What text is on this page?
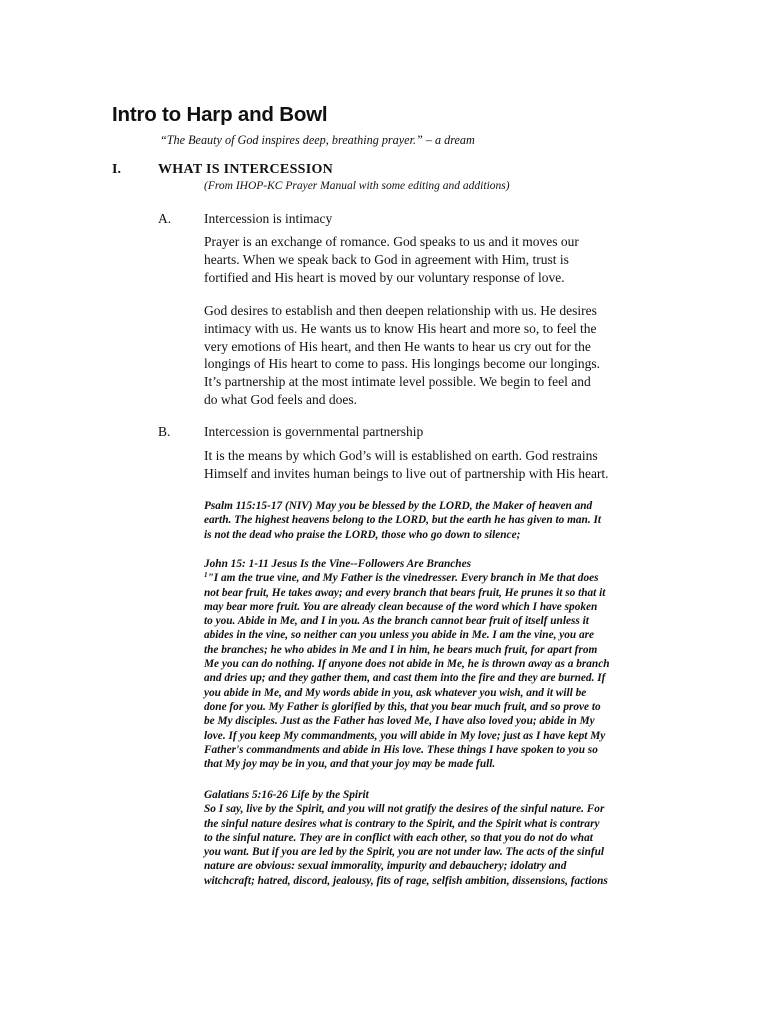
Intro to Harp and Bowl

“The Beauty of God inspires deep, breathing prayer.” – a dream

I.	WHAT IS INTERCESSION

(From IHOP-KC Prayer Manual with some editing and additions)

A. Intercession is intimacy

Prayer is an exchange of romance. God speaks to us and it moves our
hearts. When we speak back to God in agreement with Him, trust is
fortified and His heart is moved by our voluntary response of love.
God desires to establish and then deepen relationship with us. He desires
intimacy with us. He wants us to know His heart and more so, to feel the
very emotions of His heart, and then He wants to hear us cry out for the
longings of His heart to come to pass. His longings become our longings.
It’s partnership at the most intimate level possible. We begin to feel and
do what God feels and does.

B. Intercession is governmental partnership

It is the means by which God’s will is established on earth. God restrains
Himself and invites human beings to live out of partnership with His heart.
Psalm 115:15-17 (NIV) May you be blessed by the LORD, the Maker of heaven and
earth. The highest heavens belong to the LORD, but the earth he has given to man. It
is not the dead who praise the LORD, those who go down to silence;
John 15: 1-11 Jesus Is the Vine--Followers Are Branches
$^1$"I am the true vine, and My Father is the vinedresser. Every branch in Me that does
not bear fruit, He takes away; and every branch that bears fruit, He prunes it so that it
may bear more fruit. You are already clean because of the word which I have spoken
to you. Abide in Me, and I in you. As the branch cannot bear fruit of itself unless it
abides in the vine, so neither can you unless you abide in Me. I am the vine, you are
the branches; he who abides in Me and I in him, he bears much fruit, for apart from
Me you can do nothing. If anyone does not abide in Me, he is thrown away as a branch
and dries up; and they gather them, and cast them into the fire and they are burned. If
you abide in Me, and My words abide in you, ask whatever you wish, and it will be
done for you. My Father is glorified by this, that you bear much fruit, and so prove to
be My disciples. Just as the Father has loved Me, I have also loved you; abide in My
love. If you keep My commandments, you will abide in My love; just as I have kept My
Father's commandments and abide in His love. These things I have spoken to you so
that My joy may be in you, and that your joy may be made full.
Galatians 5:16-26 Life by the Spirit
So I say, live by the Spirit, and you will not gratify the desires of the sinful nature. For
the sinful nature desires what is contrary to the Spirit, and the Spirit what is contrary
to the sinful nature. They are in conflict with each other, so that you do not do what
you want. But if you are led by the Spirit, you are not under law. The acts of the sinful
nature are obvious: sexual immorality, impurity and debauchery; idolatry and
witchcraft; hatred, discord, jealousy, fits of rage, selfish ambition, dissensions, factions
